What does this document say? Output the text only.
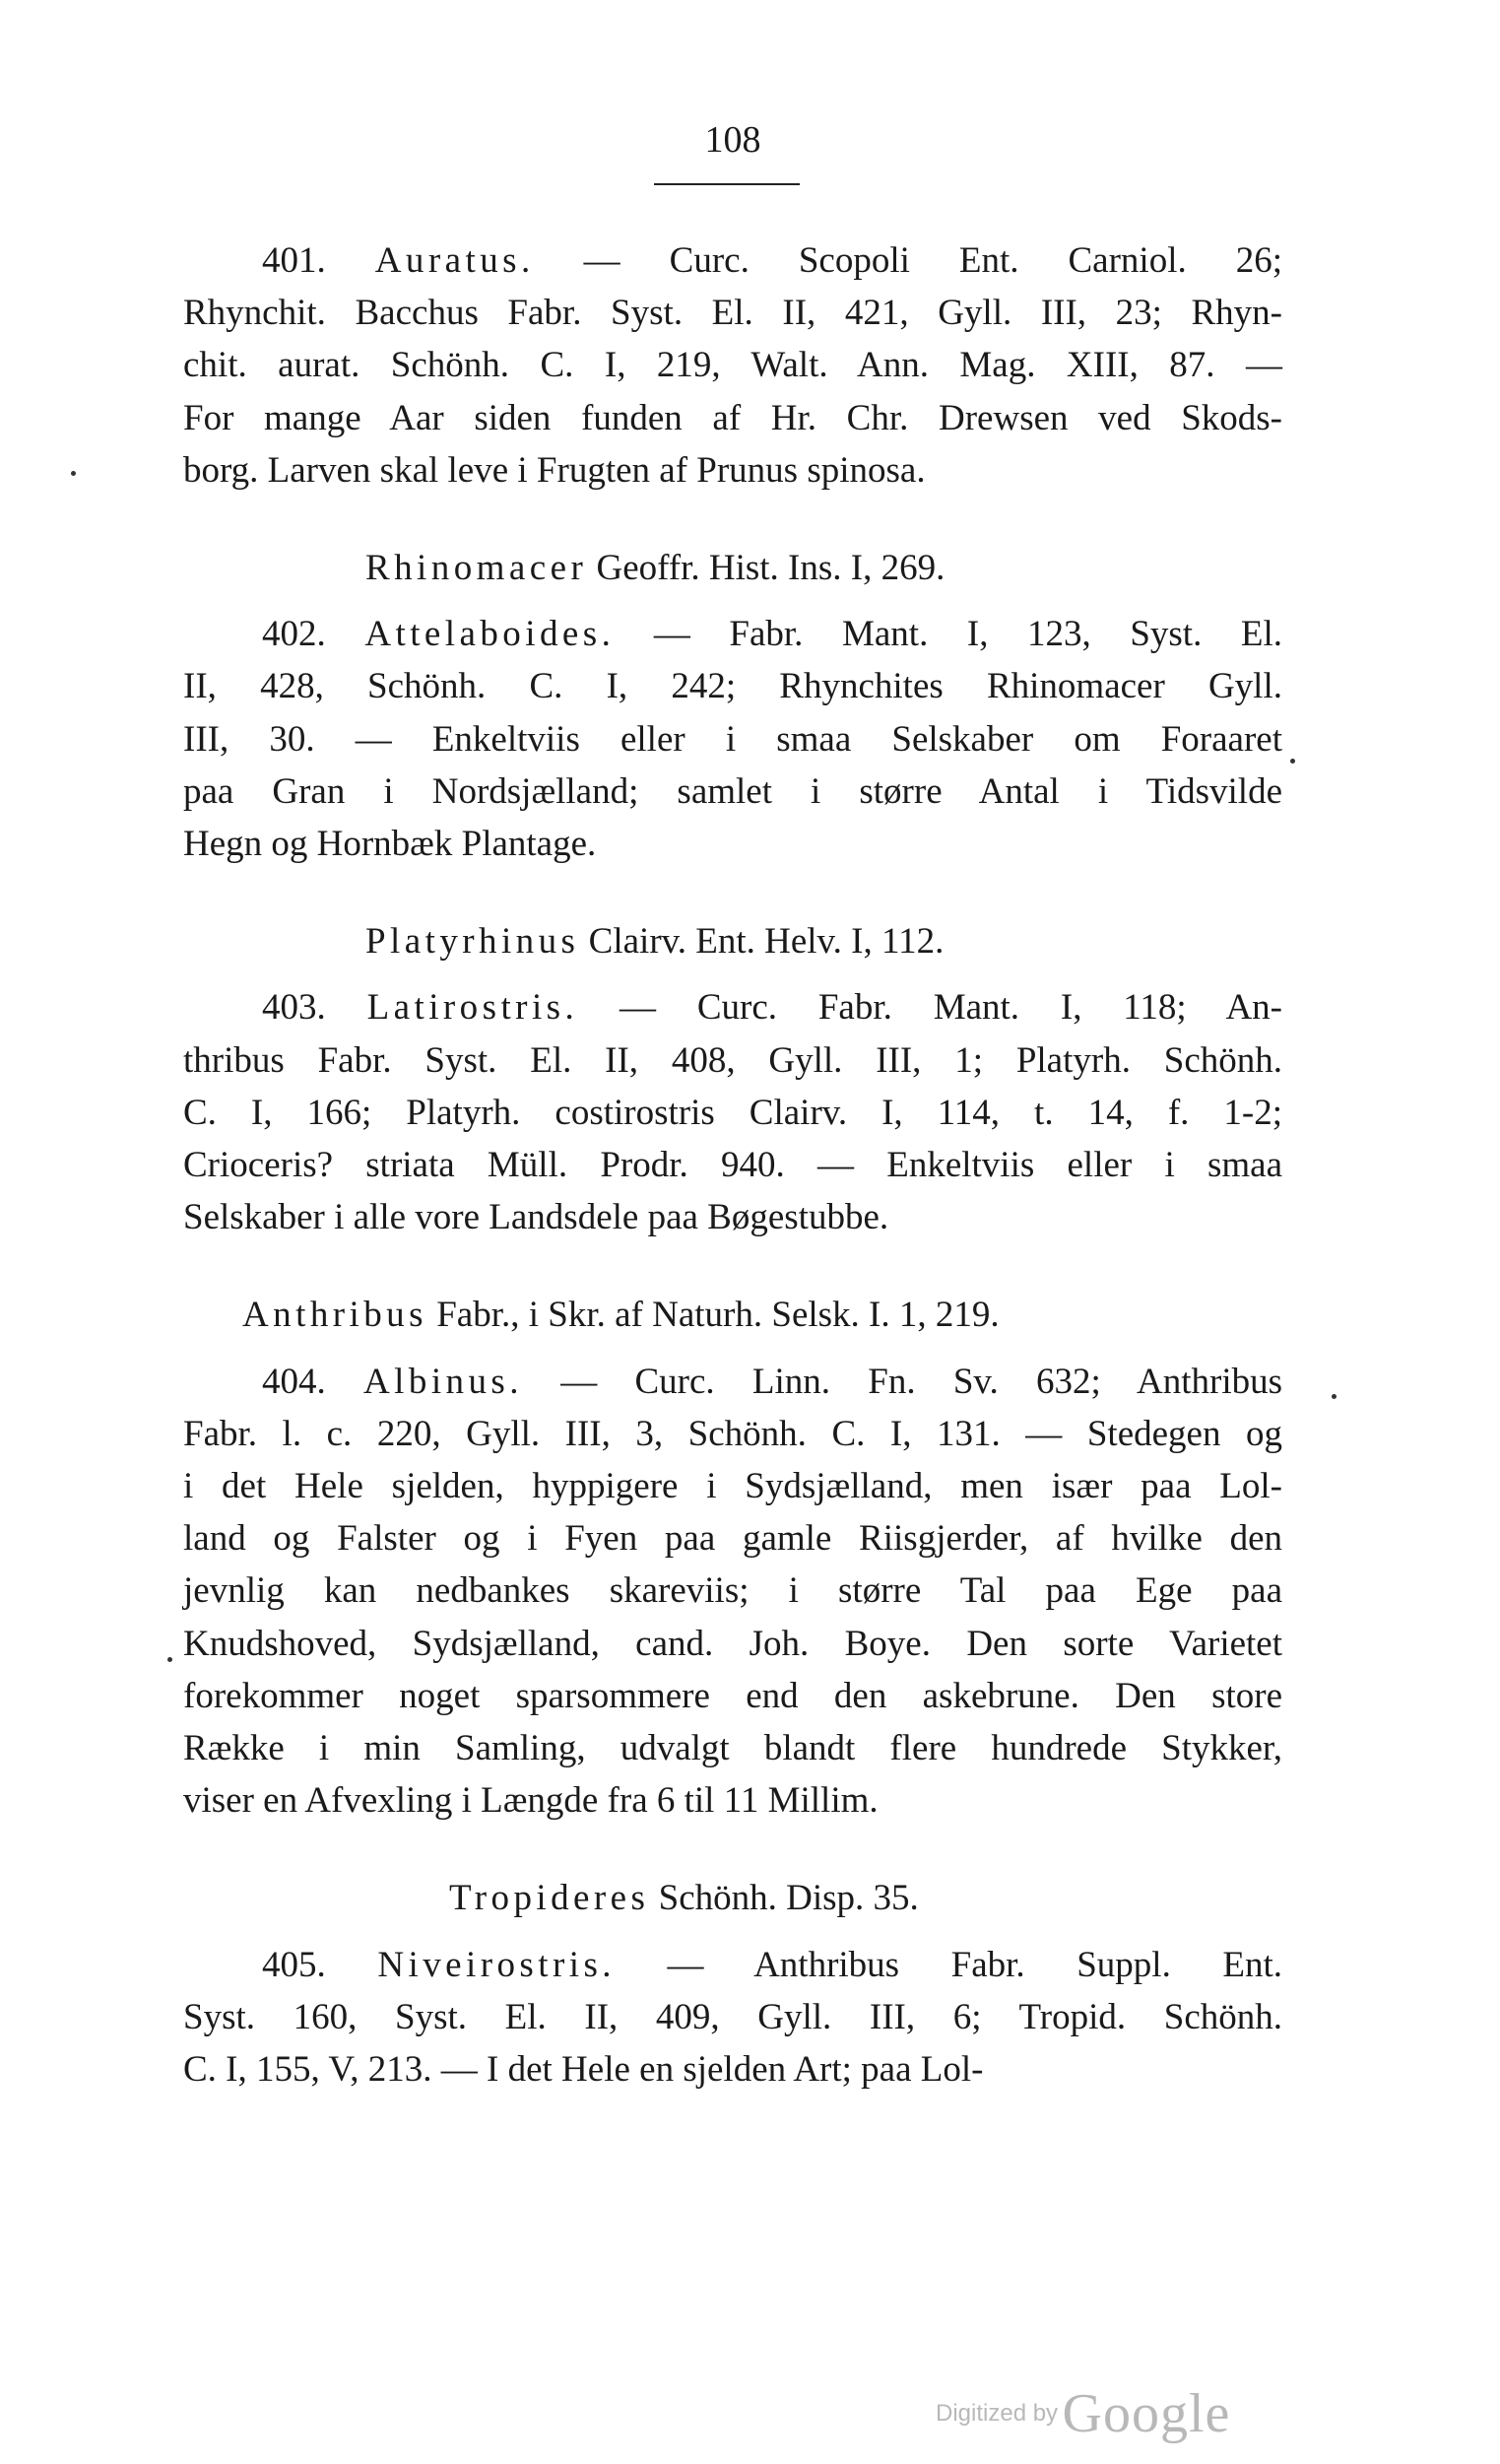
108

401. Auratus. — Curc. Scopoli Ent. Carniol. 26;
Rhynchit. Bacchus Fabr. Syst. El. II, 421, Gyll. III, 23; Rhyn-
chit. aurat. Schönh. C. I, 219, Walt. Ann. Mag. XIII, 87. —
For mange Aar siden funden af Hr. Chr. Drewsen ved Skods-
borg. Larven skal leve i Frugten af Prunus spinosa.

Rhinomacer Geoffr. Hist. Ins. I, 269.

402. Attelaboides. — Fabr. Mant. I, 123, Syst. El.
II, 428, Schönh. C. I, 242; Rhynchites Rhinomacer Gyll.
III, 30. — Enkeltviis eller i smaa Selskaber om Foraaret
paa Gran i Nordsjælland; samlet i større Antal i Tidsvilde
Hegn og Hornbæk Plantage.

Platyrhinus Clairv. Ent. Helv. I, 112.

403. Latirostris. — Curc. Fabr. Mant. I, 118; An-
thribus Fabr. Syst. El. II, 408, Gyll. III, 1; Platyrh. Schönh.
C. I, 166; Platyrh. costirostris Clairv. I, 114, t. 14, f. 1-2;
Crioceris? striata Müll. Prodr. 940. — Enkeltviis eller i smaa
Selskaber i alle vore Landsdele paa Bøgestubbe.

Anthribus Fabr., i Skr. af Naturh. Selsk. I. 1, 219.

404. Albinus. — Curc. Linn. Fn. Sv. 632; Anthribus
Fabr. l. c. 220, Gyll. III, 3, Schönh. C. I, 131. — Stedegen og
i det Hele sjelden, hyppigere i Sydsjælland, men især paa Lol-
land og Falster og i Fyen paa gamle Riisgjerder, af hvilke den
jevnlig kan nedbankes skareviis; i større Tal paa Ege paa
Knudshoved, Sydsjælland, cand. Joh. Boye. Den sorte Varietet
forekommer noget sparsommere end den askebrune. Den store
Række i min Samling, udvalgt blandt flere hundrede Stykker,
viser en Afvexling i Længde fra 6 til 11 Millim.

Tropideres Schönh. Disp. 35.

405. Niveirostris. — Anthribus Fabr. Suppl. Ent.
Syst. 160, Syst. El. II, 409, Gyll. III, 6; Tropid. Schönh.
C. I, 155, V, 213. — I det Hele en sjelden Art; paa Lol-

Digitized by Google
